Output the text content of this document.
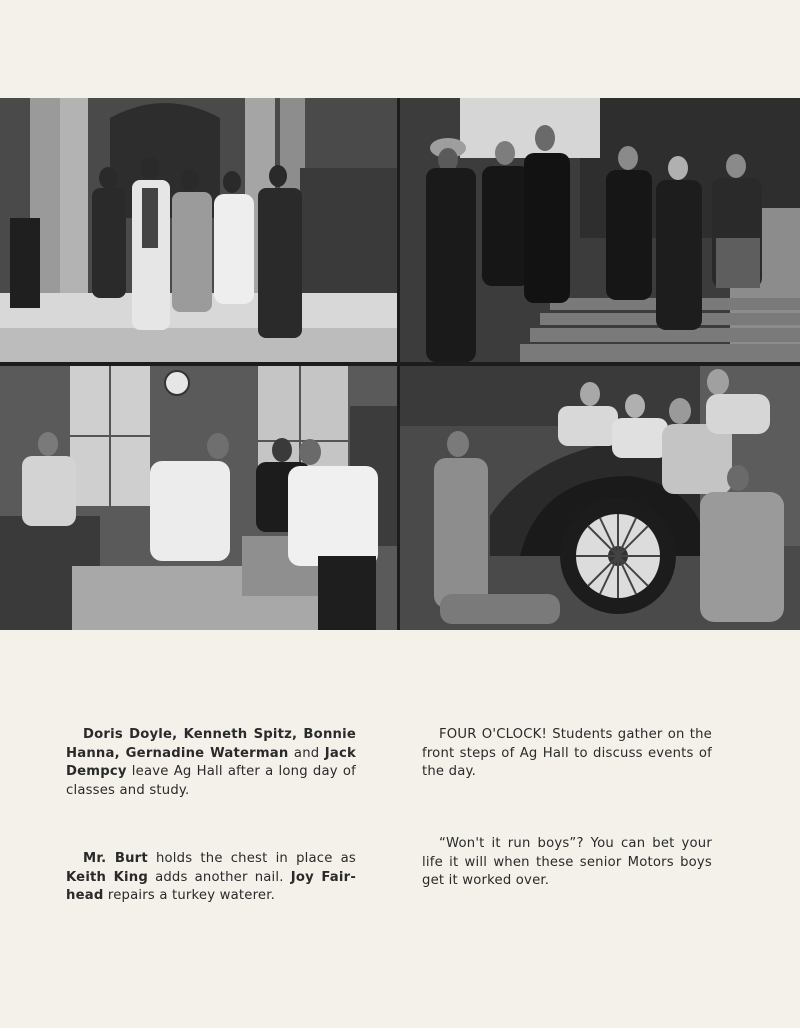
Doris Doyle, Kenneth Spitz, Bonnie Hanna, Gernadine Waterman and Jack Dempcy leave Ag Hall after a long day of classes and study.
FOUR O'CLOCK! Students gather on the front steps of Ag Hall to discuss events of the day.
Mr. Burt holds the chest in place as Keith King adds another nail. Joy Fair-head repairs a turkey waterer.
“Won't it run boys”? You can bet your life it will when these senior Motors boys get it worked over.
